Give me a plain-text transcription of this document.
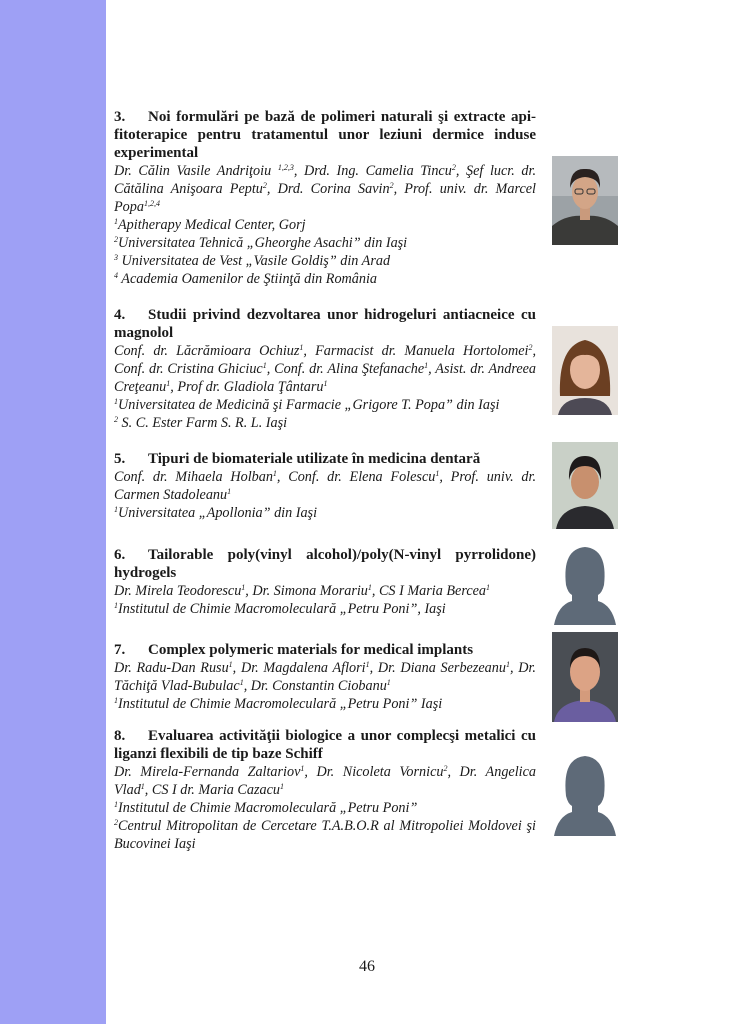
3. Noi formulări pe bază de polimeri naturali şi extracte api-fitoterapice pentru tratamentul unor leziuni dermice induse experimental

Dr. Călin Vasile Andriţoiu $^{1,2,3}$, Drd. Ing. Camelia Tincu$^2$, Şef lucr. dr. Cătălina Anişoara Peptu$^2$, Drd. Corina Savin$^2$, Prof. univ. dr. Marcel Popa$^{1,2,4}$

$^1$Apitherapy Medical Center, Gorj

$^2$Universitatea Tehnică „Gheorghe Asachi” din Iaşi

$^3$ Universitatea de Vest „Vasile Goldiş” din Arad

$^4$ Academia Oamenilor de Ştiinţă din România

4. Studii privind dezvoltarea unor hidrogeluri antiacneice cu magnolol

Conf. dr. Lăcrămioara Ochiuz$^1$, Farmacist dr. Manuela Hortolomei$^2$, Conf. dr. Cristina Ghiciuc$^1$, Conf. dr. Alina Ştefanache$^1$, Asist. dr. Andreea Creţeanu$^1$, Prof dr. Gladiola Ţântaru$^1$

$^1$Universitatea de Medicină şi Farmacie „Grigore T. Popa” din Iaşi

$^2$ S. C. Ester Farm S. R. L. Iaşi

5. Tipuri de biomateriale utilizate în medicina dentară

Conf. dr. Mihaela Holban$^1$, Conf. dr. Elena Folescu$^1$, Prof. univ. dr. Carmen Stadoleanu$^1$

$^1$Universitatea „Apollonia” din Iaşi

6. Tailorable poly(vinyl alcohol)/poly(N-vinyl pyrrolidone) hydrogels

Dr. Mirela Teodorescu$^1$, Dr. Simona Morariu$^1$, CS I Maria Bercea$^1$

$^1$Institutul de Chimie Macromoleculară „Petru Poni”, Iaşi

7. Complex polymeric materials for medical implants

Dr. Radu-Dan Rusu$^1$, Dr. Magdalena Aflori$^1$, Dr. Diana Serbezeanu$^1$, Dr. Tăchiţă Vlad-Bubulac$^1$, Dr. Constantin Ciobanu$^1$

$^1$Institutul de Chimie Macromoleculară „Petru Poni” Iaşi

8. Evaluarea activităţii biologice a unor complecşi metalici cu liganzi flexibili de tip baze Schiff

Dr. Mirela-Fernanda Zaltariov$^1$, Dr. Nicoleta Vornicu$^2$, Dr. Angelica Vlad$^1$, CS I dr. Maria Cazacu$^1$

$^1$Institutul de Chimie Macromoleculară „Petru Poni”

$^2$Centrul Mitropolitan de Cercetare T.A.B.O.R al Mitropoliei Moldovei şi Bucovinei Iaşi

46
